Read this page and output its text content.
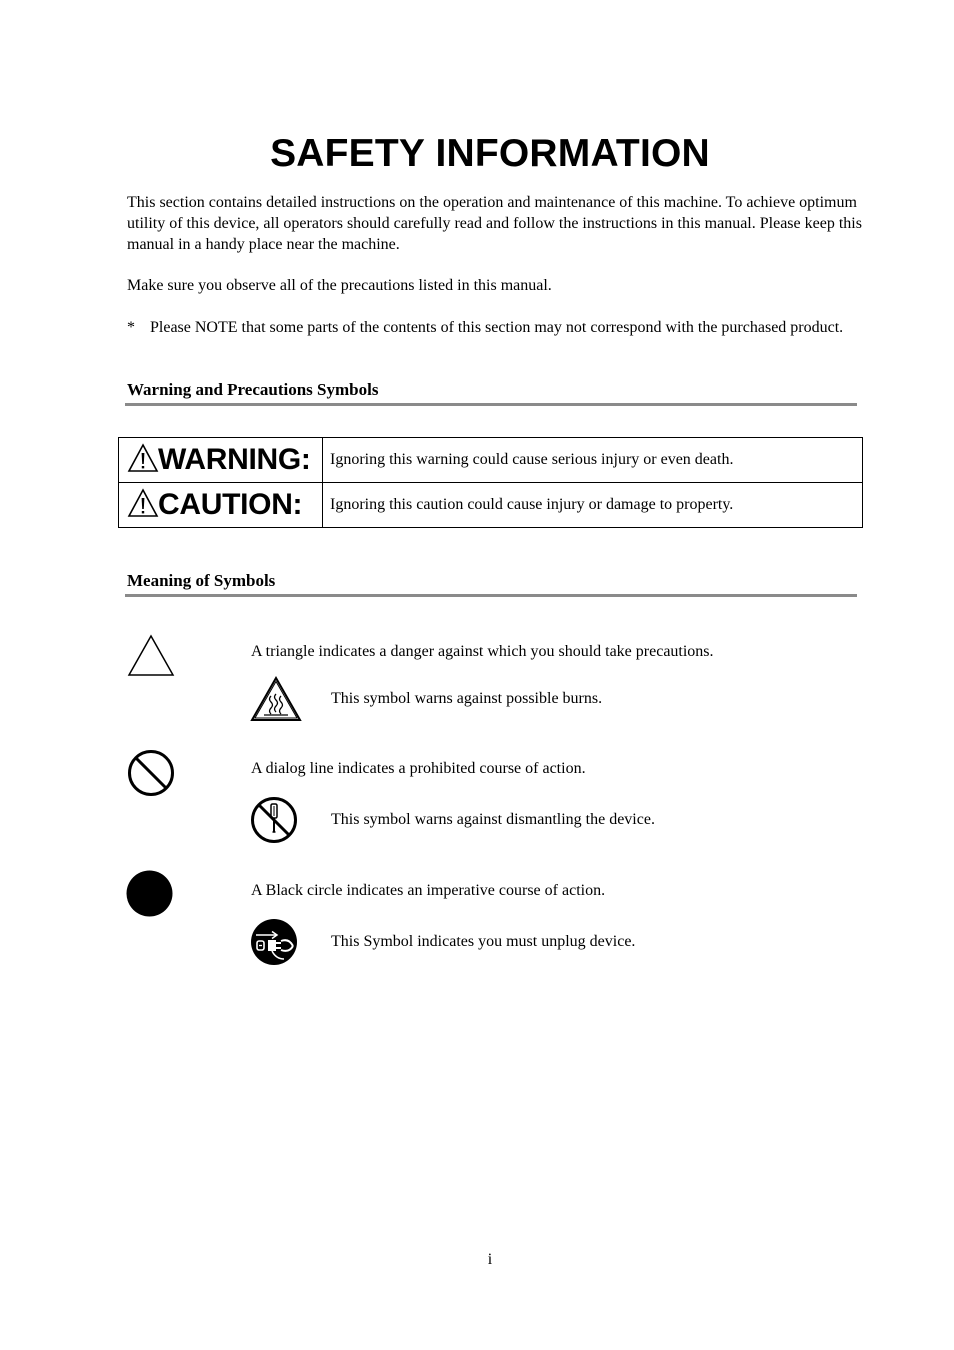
SAFETY INFORMATION
This section contains detailed instructions on the operation and maintenance of this machine. To achieve optimum utility of this device, all operators should carefully read and follow the instructions in this manual. Please keep this manual in a handy place near the machine.
Make sure you observe all of the precautions listed in this manual.
* Please NOTE that some parts of the contents of this section may not correspond with the purchased product.
Warning and Precautions Symbols
WARNING:	Ignoring this warning could cause serious injury or even death.
CAUTION:	Ignoring this caution could cause injury or damage to property.
Meaning of Symbols
A triangle indicates a danger against which you should take precautions.
This symbol warns against possible burns.
A dialog line indicates a prohibited course of action.
This symbol warns against dismantling the device.
A Black circle indicates an imperative course of action.
This Symbol indicates you must unplug device.
i
